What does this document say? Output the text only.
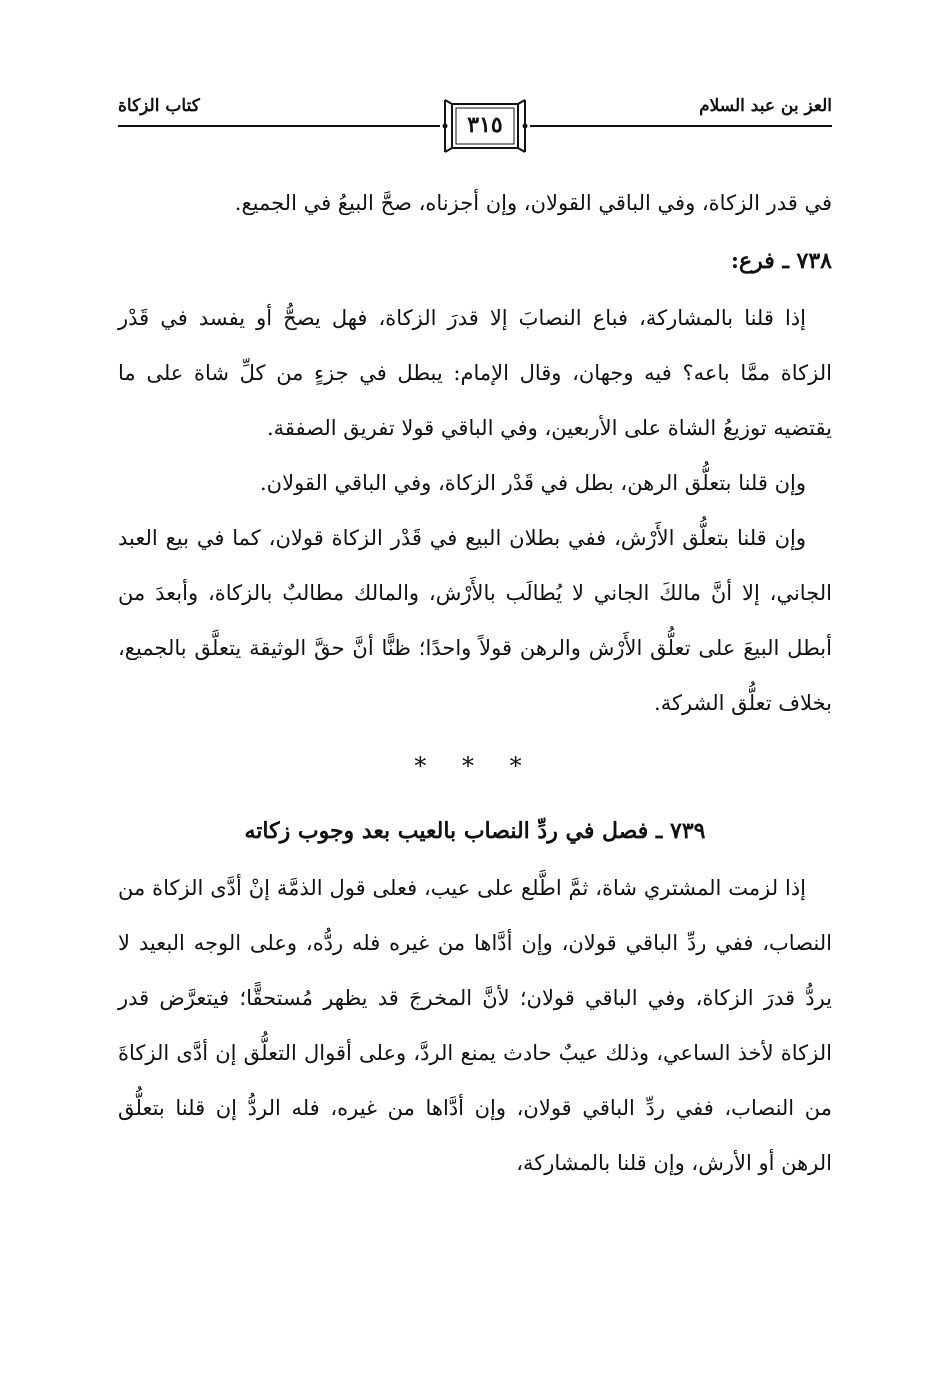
العز بن عبد السلام
كتاب الزكاة
٣١٥

في قدر الزكاة، وفي الباقي القولان، وإن أجزناه، صحَّ البيعُ في الجميع.

٧٣٨ ـ فرع:

إذا قلنا بالمشاركة، فباع النصابَ إلا قدرَ الزكاة، فهل يصحُّ أو يفسد في قَدْر الزكاة ممَّا باعه؟ فيه وجهان، وقال الإمام: يبطل في جزءٍ من كلِّ شاة على ما يقتضيه توزيعُ الشاة على الأربعين، وفي الباقي قولا تفريق الصفقة.

وإن قلنا بتعلُّق الرهن، بطل في قَدْر الزكاة، وفي الباقي القولان.

وإن قلنا بتعلُّق الأَرْش، ففي بطلان البيع في قَدْر الزكاة قولان، كما في بيع العبد الجاني، إلا أنَّ مالكَ الجاني لا يُطالَب بالأَرْش، والمالك مطالبٌ بالزكاة، وأبعدَ من أبطل البيعَ على تعلُّق الأَرْش والرهن قولاً واحدًا؛ ظنًّا أنَّ حقَّ الوثيقة يتعلَّق بالجميع، بخلاف تعلُّق الشركة.

* * *

٧٣٩ ـ فصل في ردِّ النصاب بالعيب بعد وجوب زكاته

إذا لزمت المشتري شاة، ثمَّ اطَّلع على عيب، فعلى قول الذمَّة إنْ أدَّى الزكاة من النصاب، ففي ردِّ الباقي قولان، وإن أدَّاها من غيره فله ردُّه، وعلى الوجه البعيد لا يردُّ قدرَ الزكاة، وفي الباقي قولان؛ لأنَّ المخرجَ قد يظهر مُستحقًّا؛ فيتعرَّض قدر الزكاة لأخذ الساعي، وذلك عيبٌ حادث يمنع الردَّ، وعلى أقوال التعلُّق إن أدَّى الزكاةَ من النصاب، ففي ردِّ الباقي قولان، وإن أدَّاها من غيره، فله الردُّ إن قلنا بتعلُّق الرهن أو الأرش، وإن قلنا بالمشاركة،
